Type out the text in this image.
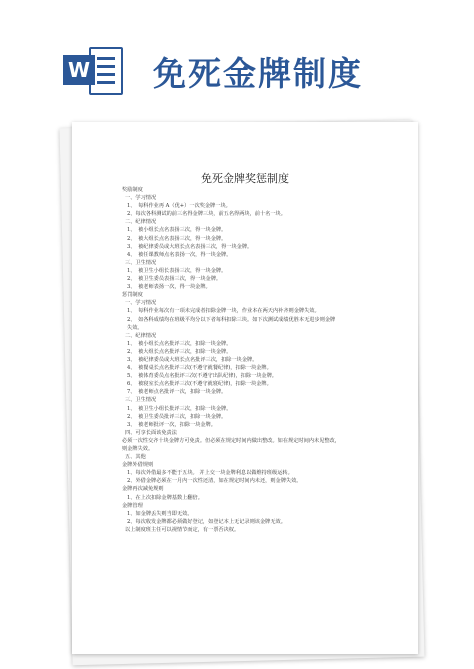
W 免死金牌制度
免死金牌奖惩制度
奖励制度
一、学习情况
1、　每科作业再 A（优+）一次奖金牌一块。
2、每次各科测试的前三名得金牌三块，前五名得两块，前十名一块。
二、纪律情况
1、　被小组长点名表扬三次，得一块金牌。
2、　被大组长点名表扬三次，得一块金牌。
3、　被纪律委员或大班长点名表扬三次，得一块金牌。
4、　被任课教师点名表扬一次，得一块金牌。
三、卫生情况
1、　被卫生小组长表扬三次，得一块金牌。
2、　被卫生委员表扬三次，得一块金牌。
3、　被老师表扬一次，得一块金牌。
惩罚制度
一、学习情况
1、　每科作业每次有一项未完成者扣除金牌一块，作业本在两天内补齐则金牌失效。
2、　如各科成绩均在班级平均分以下者每科扣除三块。如下次测试成绩优胜本无进步则金牌
失效。
二、纪律情况
1、　被小组长点名批评三次，扣除一块金牌。
2、　被大组长点名批评三次，扣除一块金牌。
3、　被纪律委员或大班长点名批评三次，扣除一块金牌。
4、　被餐桌长点名批评三次(不遵守就餐纪律)，扣除一块金牌。
5、　被体育委员点名批评三次(不遵守出队纪律)，扣除一块金牌。
6、　被寝室长点名批评三次(不遵守就寝纪律)，扣除一块金牌。
7、　被老师点名批评一次，扣除一块金牌。
三、卫生情况
1、　被卫生小组长批评三次，扣除一块金牌。
2、　被卫生委员批评三次，扣除一块金牌。
3、　被老师批评一次，扣除一块金牌。
四、可享长面该免责法
必须一次性交齐十块金牌方可免责。但必须在规定时间内做出整改。如在规定时间内未见整改，
则金牌失效。
五、其他
金牌外借规则
1、每次外借最多不能于五块。 并上交一块金牌利息以做维持班级运转。
2、外借金牌必须在一月内一次性还清，如在规定时间内未还，则金牌失效。
金牌再次减免规则
1、在上次扣除金牌基数上翻倍。
金牌管理
1、如金牌丢失则当即无效。
2、每次收发金牌都必须做好登记，如登记本上无记录则该金牌无效。
以上制度班主任可以视情节而定，有一票否决权。
